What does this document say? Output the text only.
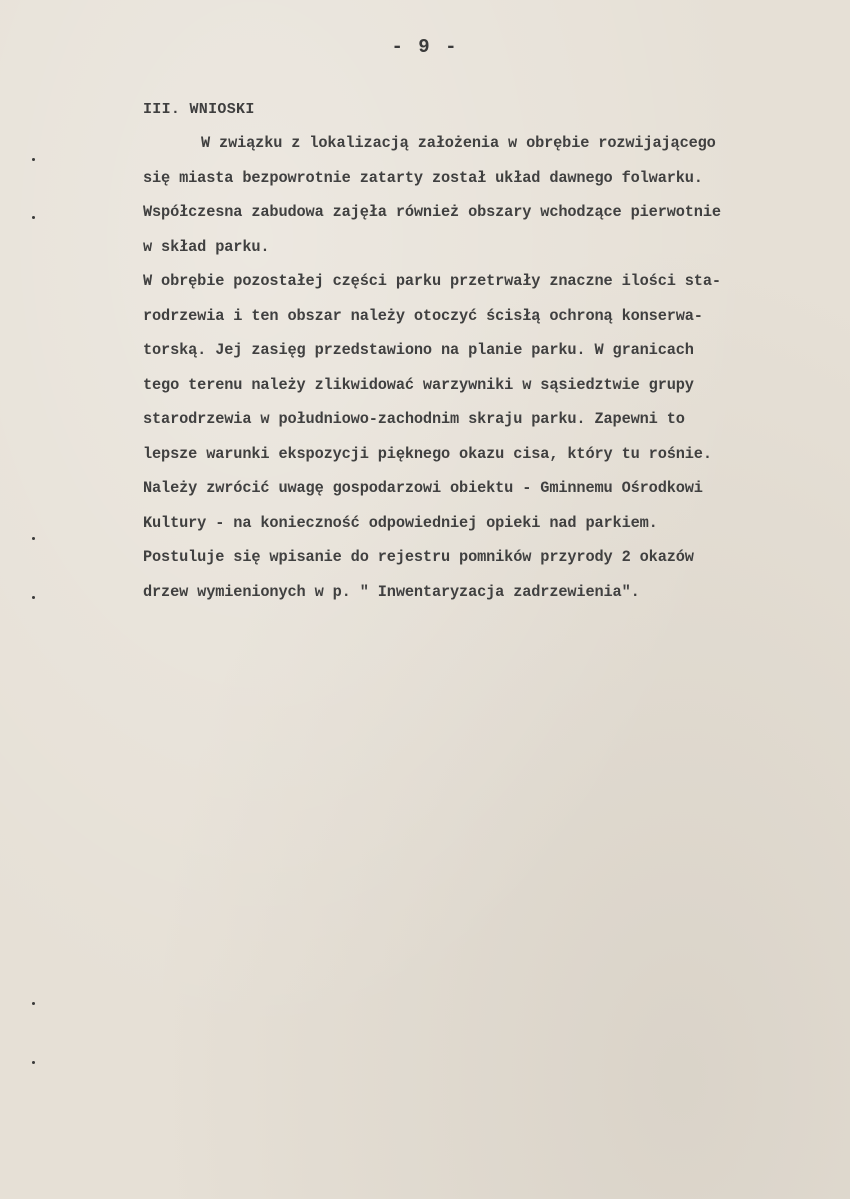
- 9 -
III. WNIOSKI
W związku z lokalizacją założenia w obrębie rozwijającego
się miasta bezpowrotnie zatarty został układ dawnego folwarku.
Współczesna zabudowa zajęła również obszary wchodzące pierwotnie
w skład parku.
W obrębie pozostałej części parku przetrwały znaczne ilości sta-
rodrzewia i ten obszar należy otoczyć ścisłą ochroną konserwa-
torską. Jej zasięg przedstawiono na planie parku. W granicach
tego terenu należy zlikwidować warzywniki w sąsiedztwie grupy
starodrzewia w południowo-zachodnim skraju parku. Zapewni to
lepsze warunki ekspozycji pięknego okazu cisa, który tu rośnie.
Należy zwrócić uwagę gospodarzowi obiektu - Gminnemu Ośrodkowi
Kultury - na konieczność odpowiedniej opieki nad parkiem.
Postuluje się wpisanie do rejestru pomników przyrody 2 okazów
drzew wymienionych w p. " Inwentaryzacja zadrzewienia".
